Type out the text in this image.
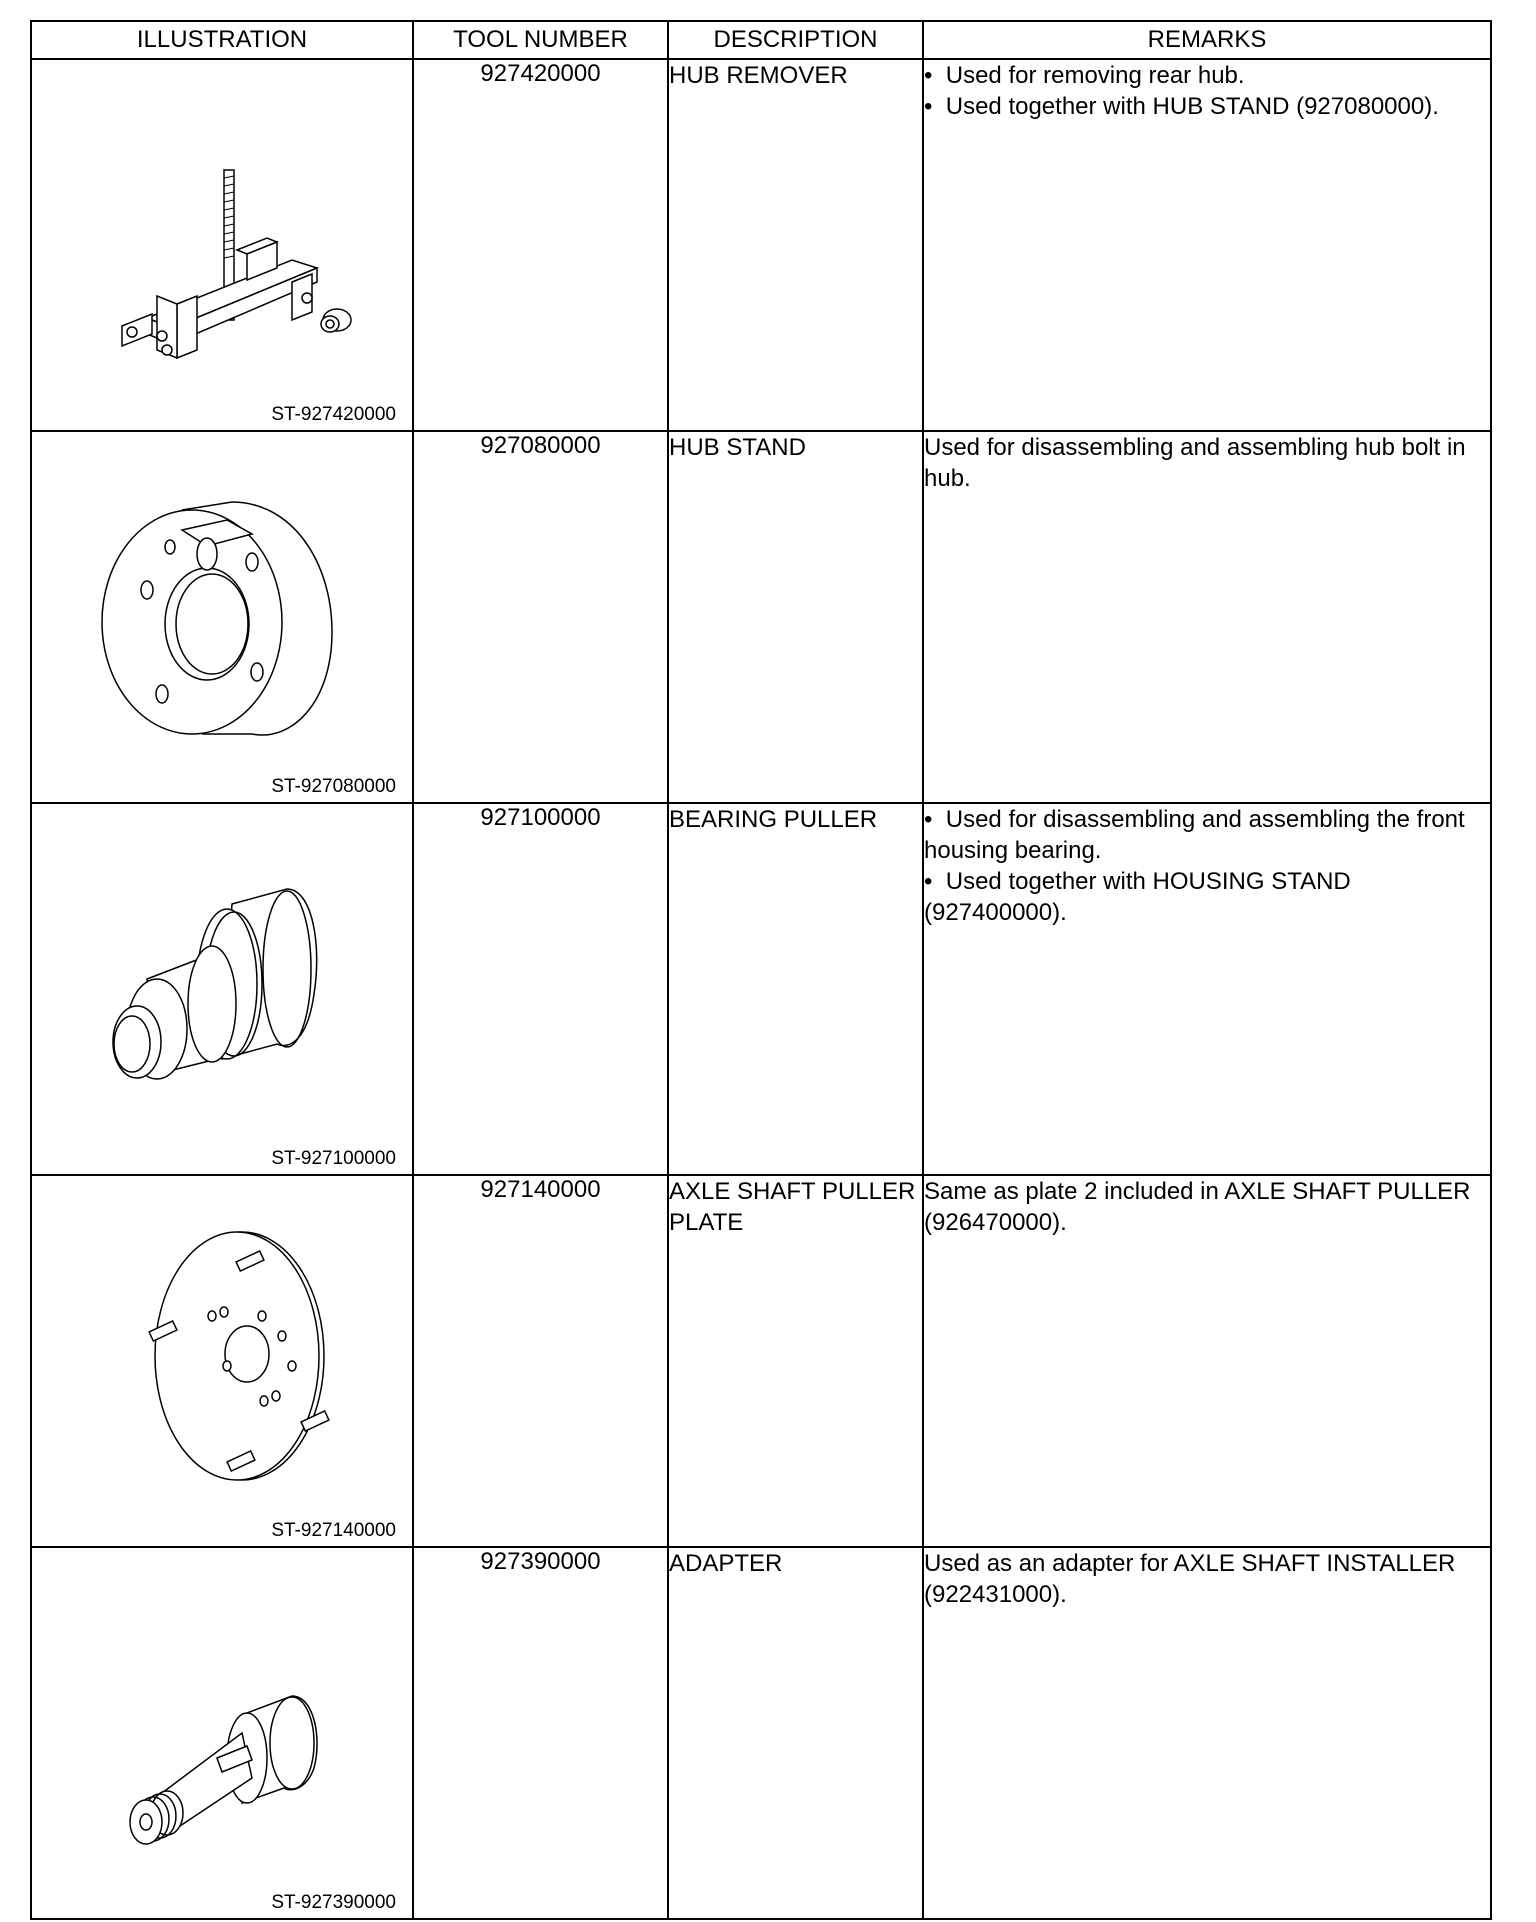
ILLUSTRATION	TOOL NUMBER	DESCRIPTION	REMARKS

ST-927420000	927420000	HUB REMOVER	•  Used for removing rear hub.
•  Used together with HUB STAND (927080000).

ST-927080000	927080000	HUB STAND	Used for disassembling and assembling hub bolt in hub.

ST-927100000	927100000	BEARING PULLER	•  Used for disassembling and assembling the front housing bearing.
•  Used together with HOUSING STAND (927400000).

ST-927140000	927140000	AXLE SHAFT PULLER PLATE	Same as plate 2 included in AXLE SHAFT PULLER (926470000).

ST-927390000	927390000	ADAPTER	Used as an adapter for AXLE SHAFT INSTALLER (922431000).
